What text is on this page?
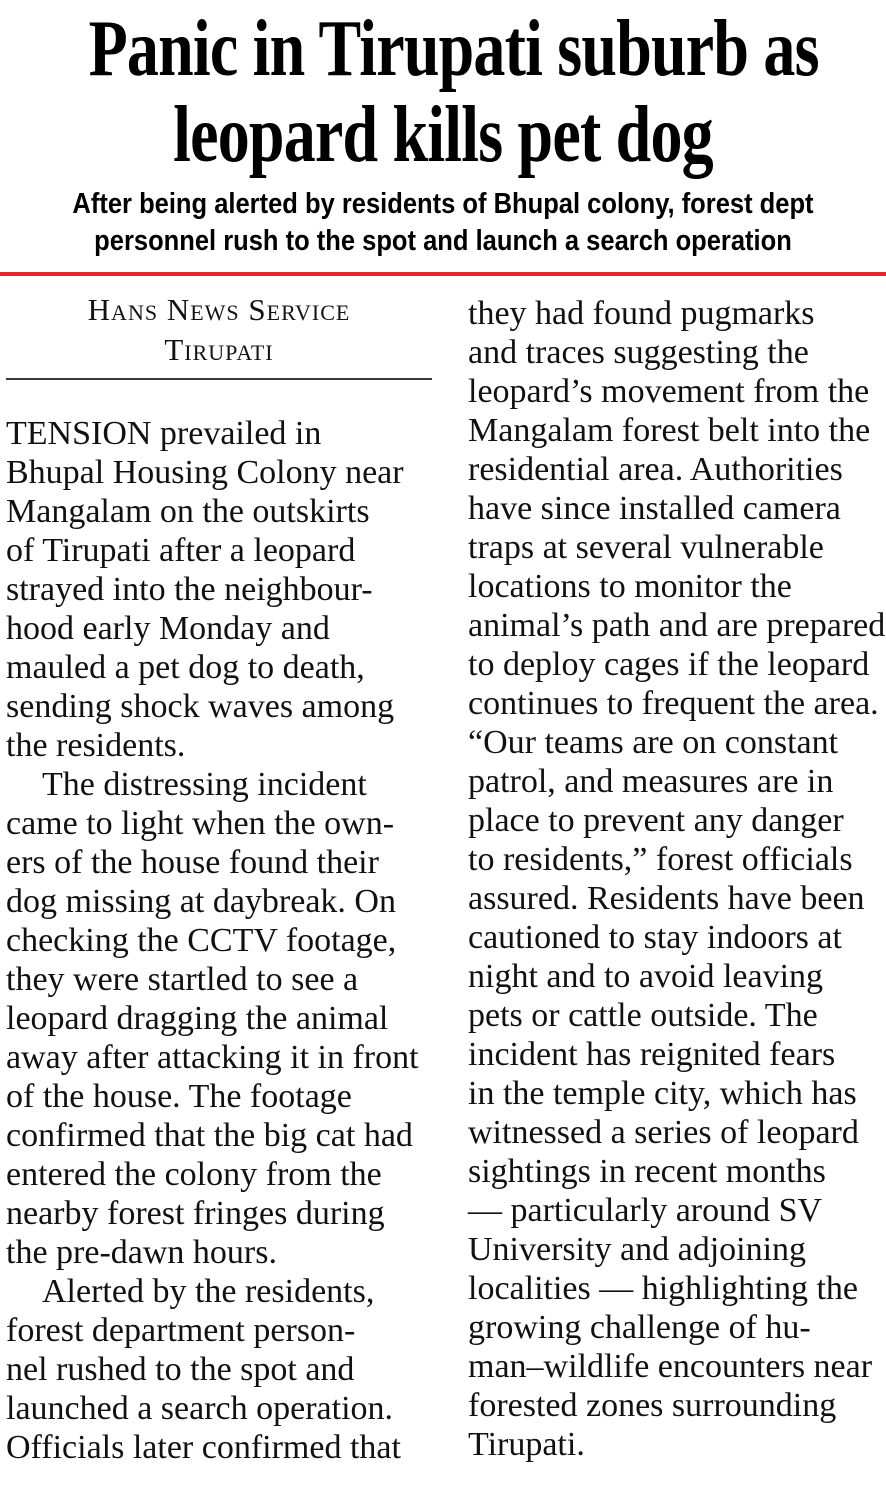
Panic in Tirupati suburb as
leopard kills pet dog
After being alerted by residents of Bhupal colony, forest dept
personnel rush to the spot and launch a search operation
Hans News Service
Tirupati
TENSION prevailed in
Bhupal Housing Colony near
Mangalam on the outskirts
of Tirupati after a leopard
strayed into the neighbour-
hood early Monday and
mauled a pet dog to death,
sending shock waves among
the residents.
The distressing incident
came to light when the own-
ers of the house found their
dog missing at daybreak. On
checking the CCTV footage,
they were startled to see a
leopard dragging the animal
away after attacking it in front
of the house. The footage
confirmed that the big cat had
entered the colony from the
nearby forest fringes during
the pre-dawn hours.
Alerted by the residents,
forest department person-
nel rushed to the spot and
launched a search operation.
Officials later confirmed that
they had found pugmarks
and traces suggesting the
leopard’s movement from the
Mangalam forest belt into the
residential area. Authorities
have since installed camera
traps at several vulnerable
locations to monitor the
animal’s path and are prepared
to deploy cages if the leopard
continues to frequent the area.
“Our teams are on constant
patrol, and measures are in
place to prevent any danger
to residents,” forest officials
assured. Residents have been
cautioned to stay indoors at
night and to avoid leaving
pets or cattle outside. The
incident has reignited fears
in the temple city, which has
witnessed a series of leopard
sightings in recent months
— particularly around SV
University and adjoining
localities — highlighting the
growing challenge of hu-
man–wildlife encounters near
forested zones surrounding
Tirupati.
